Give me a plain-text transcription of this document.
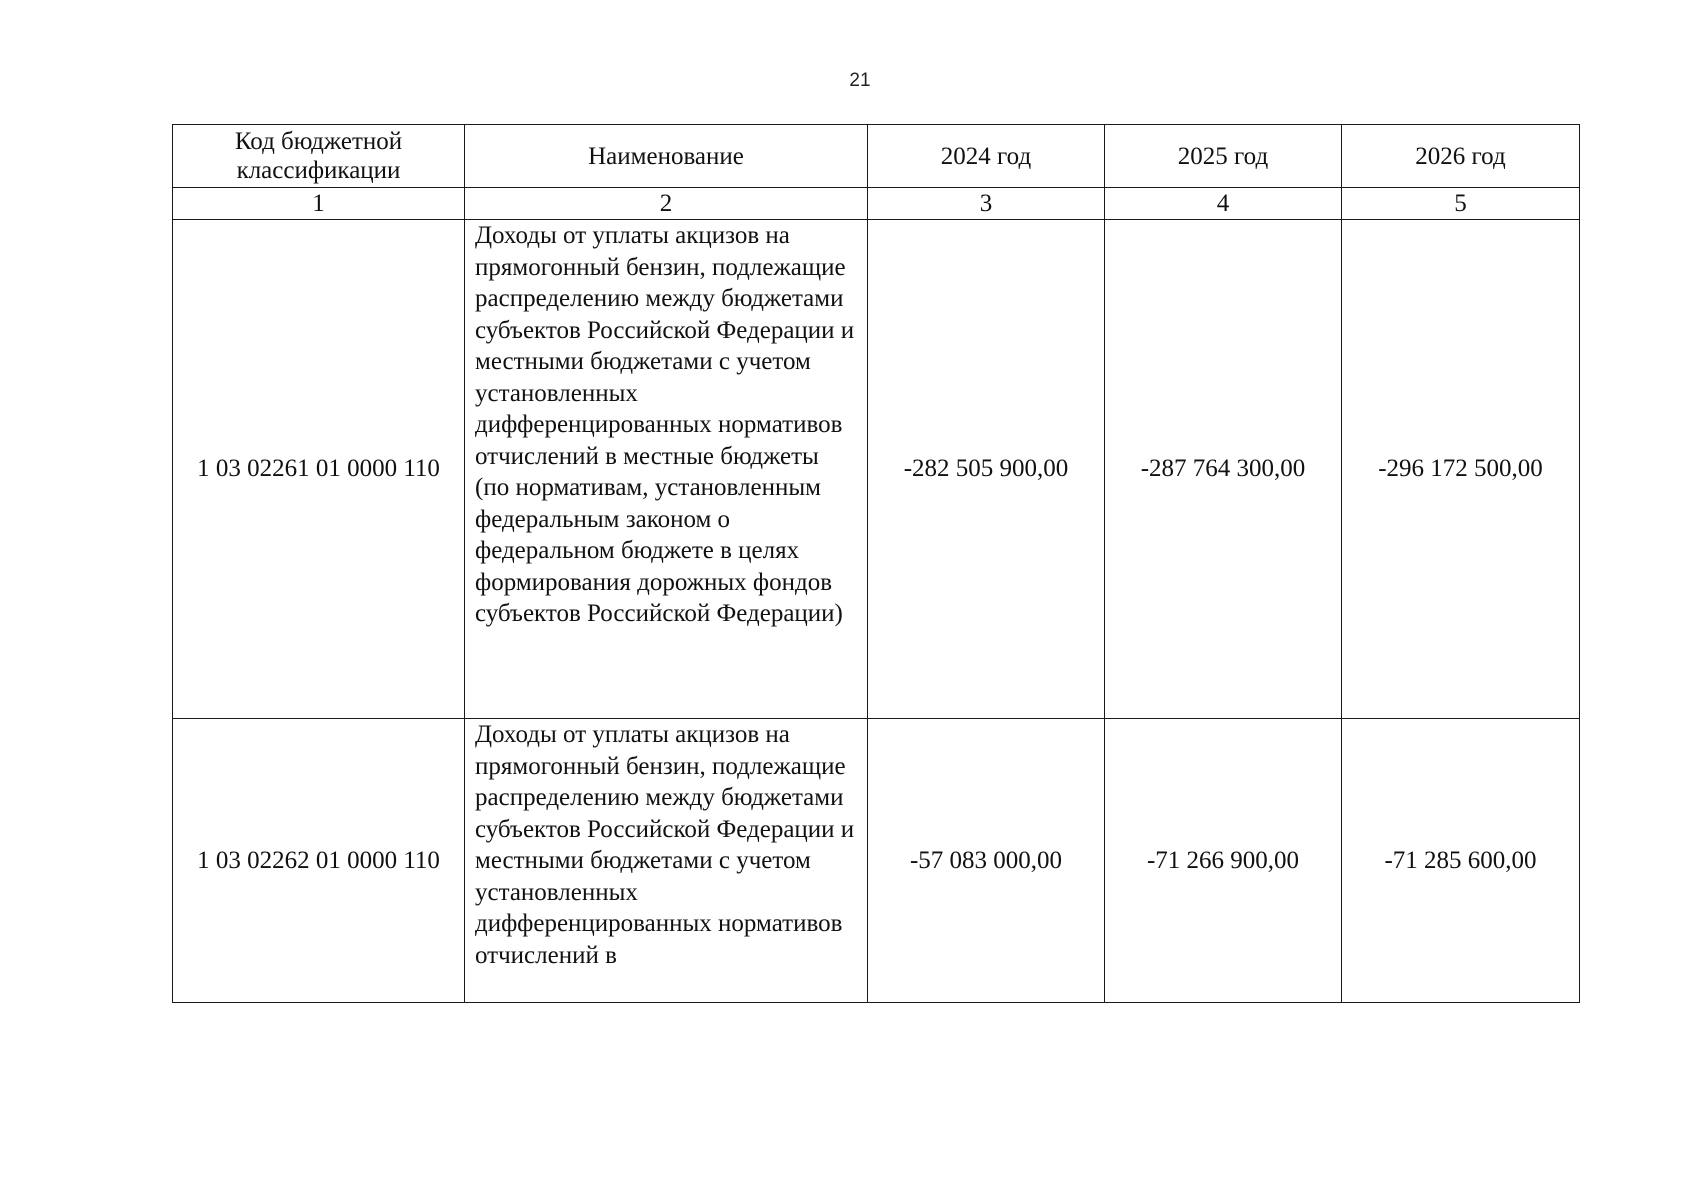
21
Код бюджетной классификации	Наименование	2024 год	2025 год	2026 год
1	2	3	4	5
1 03 02261 01 0000 110	Доходы от уплаты акцизов на прямогонный бензин, подлежащие распределению между бюджетами субъектов Российской Федерации и местными бюджетами с учетом установленных дифференцированных нормативов отчислений в местные бюджеты (по нормативам, установленным федеральным законом о федеральном бюджете в целях формирования дорожных фондов субъектов Российской Федерации)	-282 505 900,00	-287 764 300,00	-296 172 500,00
1 03 02262 01 0000 110	Доходы от уплаты акцизов на прямогонный бензин, подлежащие распределению между бюджетами субъектов Российской Федерации и местными бюджетами с учетом установленных дифференцированных нормативов отчислений в	-57 083 000,00	-71 266 900,00	-71 285 600,00
